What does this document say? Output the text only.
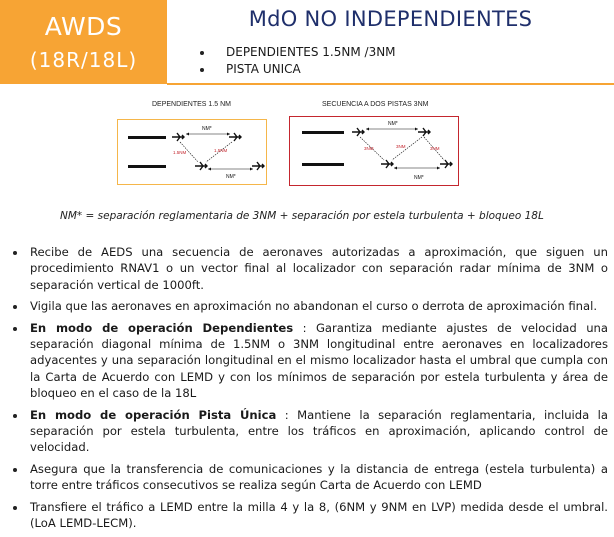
AWDS
(18R/18L)
MdO NO INDEPENDIENTES
DEPENDIENTES 1.5NM /3NM
PISTA UNICA
DEPENDIENTES 1.5 NM
NM*
1.5NM	1.5NM
NM*
SECUENCIA A DOS PISTAS 3NM
NM*
3NM	3NM	3NM
NM*
NM* = separación reglamentaria de 3NM + separación por estela turbulenta + bloqueo 18L
Recibe de AEDS una secuencia de aeronaves autorizadas a aproximación, que siguen un procedimiento RNAV1 o un vector final al localizador con separación radar mínima de 3NM o separación vertical de 1000ft.
Vigila que las aeronaves en aproximación no abandonan el curso o derrota de aproximación final.
En modo de operación Dependientes : Garantiza mediante ajustes de velocidad una separación diagonal mínima de 1.5NM o 3NM longitudinal entre aeronaves en localizadores adyacentes y una separación longitudinal en el mismo localizador hasta el umbral que cumpla con la Carta de Acuerdo con LEMD y con los mínimos de separación por estela turbulenta y área de bloqueo en el caso de la 18L
En modo de operación Pista Única : Mantiene la separación reglamentaria, incluida la separación por estela turbulenta, entre los tráficos en aproximación, aplicando control de velocidad.
Asegura que la transferencia de comunicaciones y la distancia de entrega (estela turbulenta) a torre entre tráficos consecutivos se realiza según Carta de Acuerdo con LEMD
Transfiere el tráfico a LEMD entre la milla 4 y la 8, (6NM y 9NM en LVP) medida desde el umbral. (LoA LEMD-LECM).
